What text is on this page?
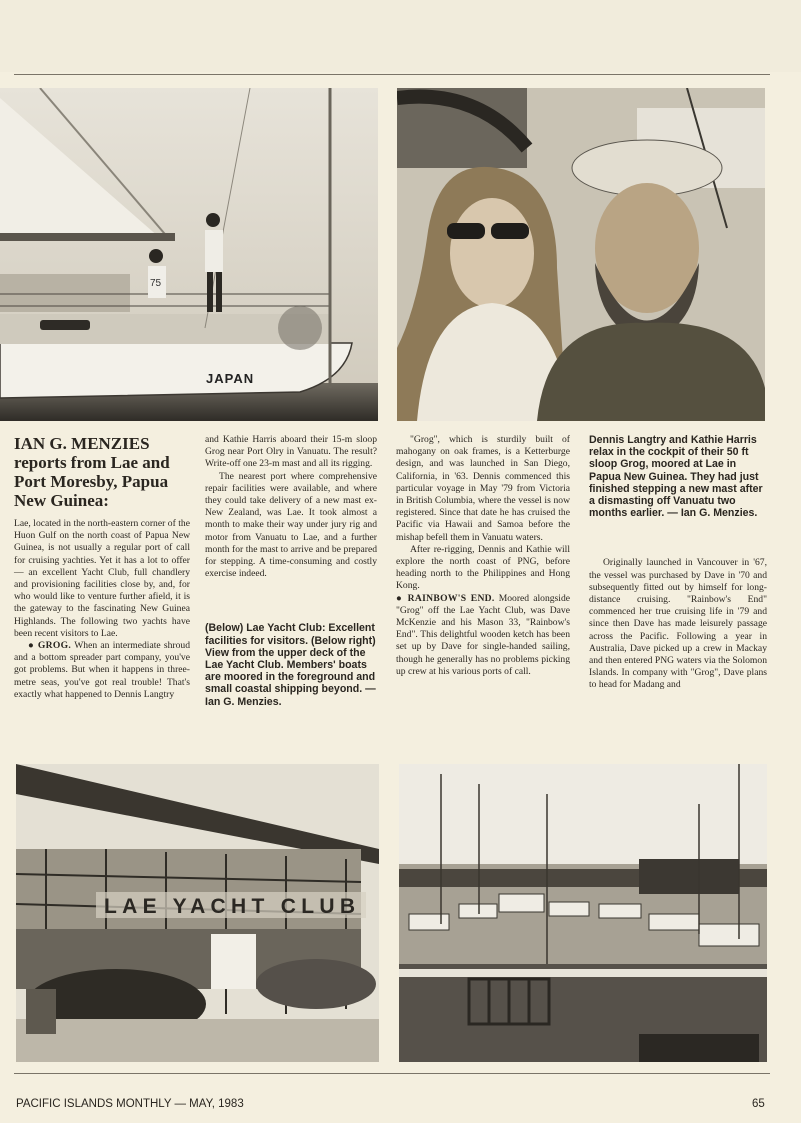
75
JAPAN
IAN G. MENZIES reports from Lae and Port Moresby, Papua New Guinea:

Lae, located in the north-eastern corner of the Huon Gulf on the north coast of Papua New Guinea, is not usually a regular port of call for cruising yachties. Yet it has a lot to offer — an excellent Yacht Club, full chandlery and provisioning facilities close by, and, for who would like to venture further afield, it is the gateway to the fascinating New Guinea Highlands. The following two yachts have been recent visitors to Lae.

● GROG. When an intermediate shroud and a bottom spreader part company, you've got problems. But when it happens in three-metre seas, you've got real trouble! That's exactly what happened to Dennis Langtry

and Kathie Harris aboard their 15-m sloop Grog near Port Olry in Vanuatu. The result? Write-off one 23-m mast and all its rigging.

The nearest port where comprehensive repair facilities were available, and where they could take delivery of a new mast ex-New Zealand, was Lae. It took almost a month to make their way under jury rig and motor from Vanuatu to Lae, and a further month for the mast to arrive and be prepared for stepping. A time-consuming and costly exercise indeed.

(Below) Lae Yacht Club: Excellent facilities for visitors. (Below right) View from the upper deck of the Lae Yacht Club. Members' boats are moored in the foreground and small coastal shipping beyond. — Ian G. Menzies.

"Grog", which is sturdily built of mahogany on oak frames, is a Ketterburge design, and was launched in San Diego, California, in '63. Dennis commenced this particular voyage in May '79 from Victoria in British Columbia, where the vessel is now registered. Since that date he has cruised the Pacific via Hawaii and Samoa before the mishap befell them in Vanuatu waters.

After re-rigging, Dennis and Kathie will explore the north coast of PNG, before heading north to the Philippines and Hong Kong.

● RAINBOW'S END. Moored alongside "Grog" off the Lae Yacht Club, was Dave McKenzie and his Mason 33, "Rainbow's End". This delightful wooden ketch has been set up by Dave for single-handed sailing, though he generally has no problems picking up crew at his various ports of call.

Dennis Langtry and Kathie Harris relax in the cockpit of their 50 ft sloop Grog, moored at Lae in Papua New Guinea. They had just finished stepping a new mast after a dismasting off Vanuatu two months earlier. — Ian G. Menzies.

Originally launched in Vancouver in '67, the vessel was purchased by Dave in '70 and subsequently fitted out by himself for long-distance cruising. "Rainbow's End" commenced her true cruising life in '79 and since then Dave has made leisurely passage across the Pacific. Following a year in Australia, Dave picked up a crew in Mackay and then entered PNG waters via the Solomon Islands. In company with "Grog", Dave plans to head for Madang and

LAE YACHT CLUB
PACIFIC ISLANDS MONTHLY — MAY, 1983	65
